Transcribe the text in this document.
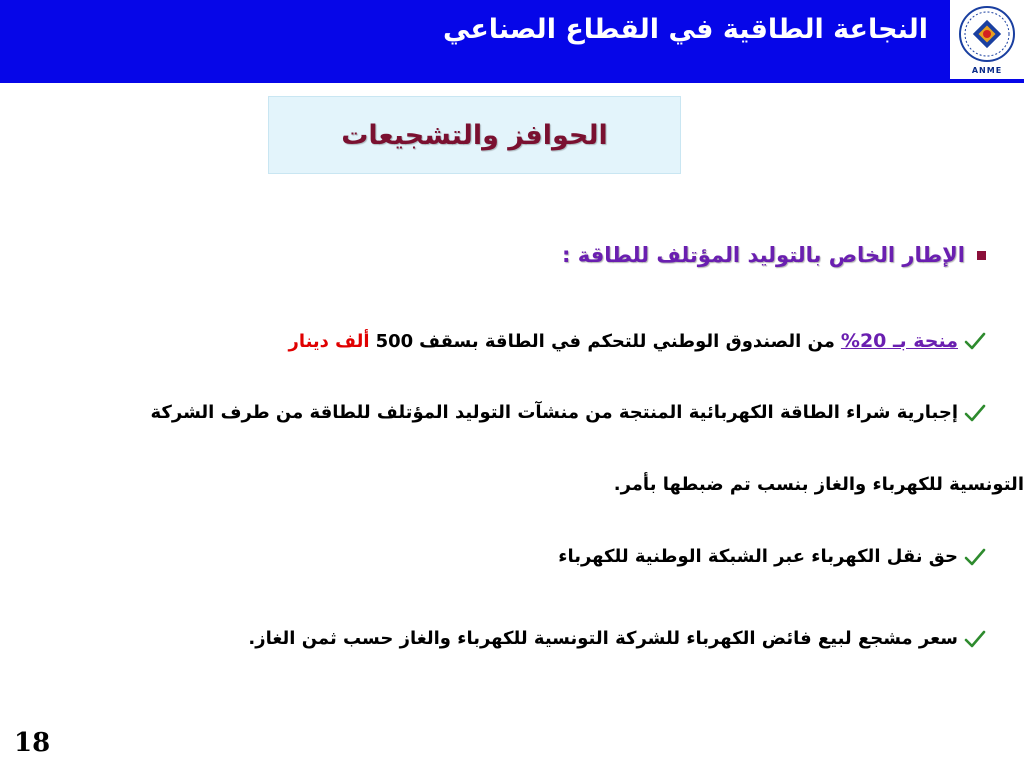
النجاعة الطاقية في القطاع الصناعي
ANME
الحوافز والتشجيعات
الإطار الخاص بالتوليد المؤتلف للطاقة :
منحة بـ 20%
من الصندوق الوطني للتحكم في الطاقة بسقف
500
ألف دينار
إجبارية شراء الطاقة الكهربائية المنتجة من منشآت التوليد المؤتلف للطاقة من طرف الشركة
التونسية للكهرباء والغاز بنسب تم ضبطها بأمر.
حق نقل الكهرباء عبر الشبكة الوطنية للكهرباء
سعر مشجع لبيع فائض الكهرباء للشركة التونسية للكهرباء والغاز حسب ثمن الغاز.
18
